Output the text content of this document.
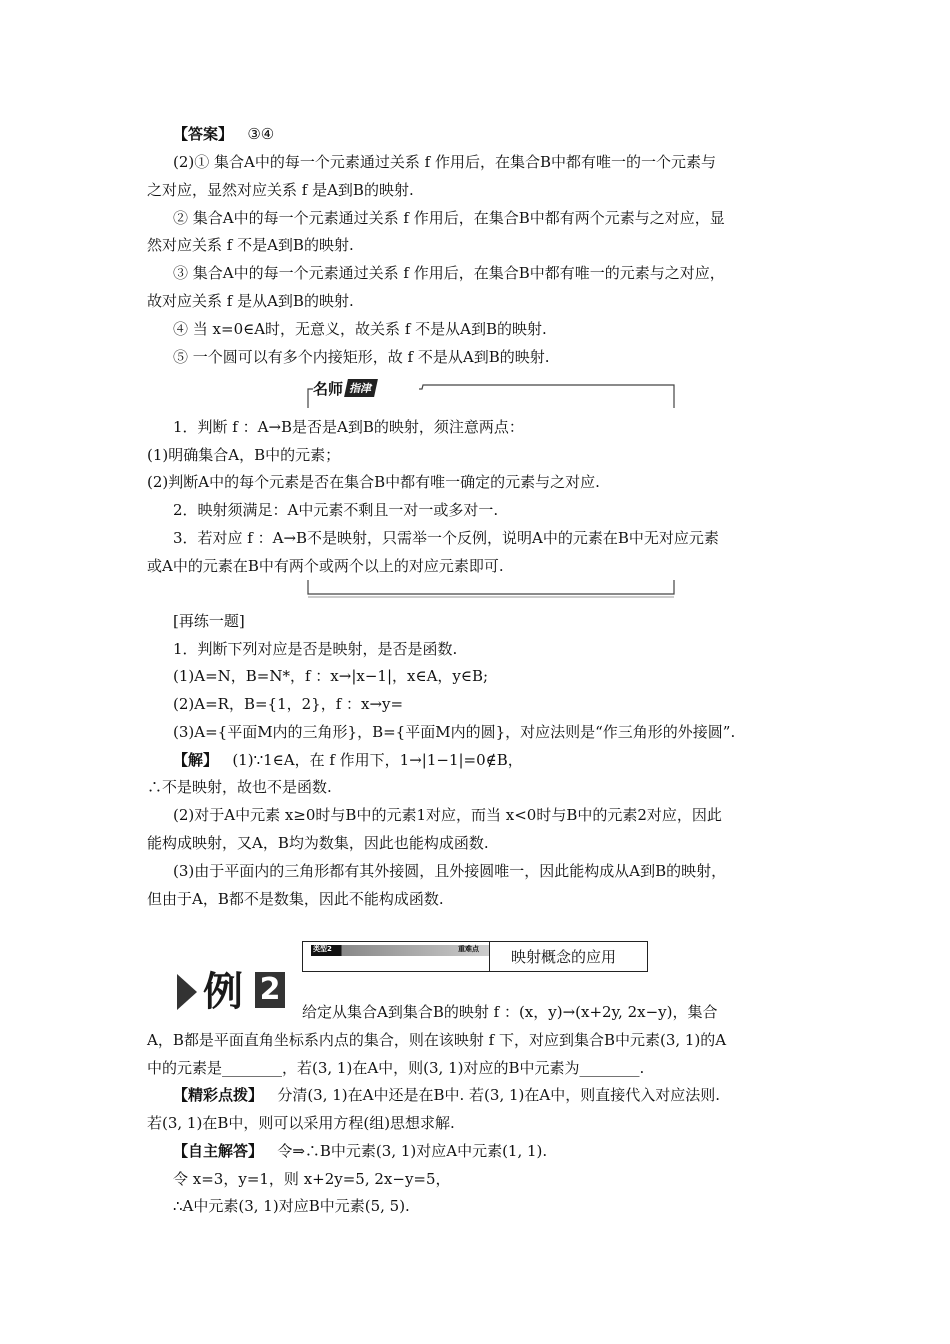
【答案】 ③④
(2)① 集合A中的每一个元素通过关系 f 作用后，在集合B中都有唯一的一个元素与
之对应，显然对应关系 f 是A到B的映射.
② 集合A中的每一个元素通过关系 f 作用后，在集合B中都有两个元素与之对应，显
然对应关系 f 不是A到B的映射.
③ 集合A中的每一个元素通过关系 f 作用后，在集合B中都有唯一的元素与之对应，
故对应关系 f 是从A到B的映射.
④ 当 x=0∈A时，无意义，故关系 f 不是从A到B的映射.
⑤ 一个圆可以有多个内接矩形，故 f 不是从A到B的映射.
名师 指津
1．判断 f ：A→B是否是A到B的映射，须注意两点：
(1)明确集合A，B中的元素；
(2)判断A中的每个元素是否在集合B中都有唯一确定的元素与之对应.
2．映射须满足：A中元素不剩且一对一或多对一.
3．若对应 f ：A→B不是映射，只需举一个反例，说明A中的元素在B中无对应元素
或A中的元素在B中有两个或两个以上的对应元素即可.
[再练一题]
1．判断下列对应是否是映射，是否是函数.
(1)A=N，B=N*，f ：x→|x−1|，x∈A，y∈B;
(2)A=R，B={1，2}，f ：x→y=
(3)A={平面M内的三角形}，B={平面M内的圆}，对应法则是“作三角形的外接圆”.
【解】 (1)∵1∈A，在 f 作用下，1→|1−1|=0∉B，
∴不是映射，故也不是函数.
(2)对于A中元素 x≥0时与B中的元素1对应，而当 x<0时与B中的元素2对应，因此
能构成映射，又A，B均为数集，因此也能构成函数.
(3)由于平面内的三角形都有其外接圆，且外接圆唯一，因此能构成从A到B的映射，
但由于A，B都不是数集，因此不能构成函数.
类型2	重难点 映射概念的应用
例 2
给定从集合A到集合B的映射 f ：(x，y)→(x+2y, 2x−y)，集合
A，B都是平面直角坐标系内点的集合，则在该映射 f 下，对应到集合B中元素(3, 1)的A
中的元素是________，若(3, 1)在A中，则(3, 1)对应的B中元素为________.
【精彩点拨】 分清(3, 1)在A中还是在B中. 若(3, 1)在A中，则直接代入对应法则.
若(3, 1)在B中，则可以采用方程(组)思想求解.
【自主解答】 令⇒∴B中元素(3, 1)对应A中元素(1, 1).
令 x=3，y=1，则 x+2y=5, 2x−y=5，
∴A中元素(3, 1)对应B中元素(5, 5).
